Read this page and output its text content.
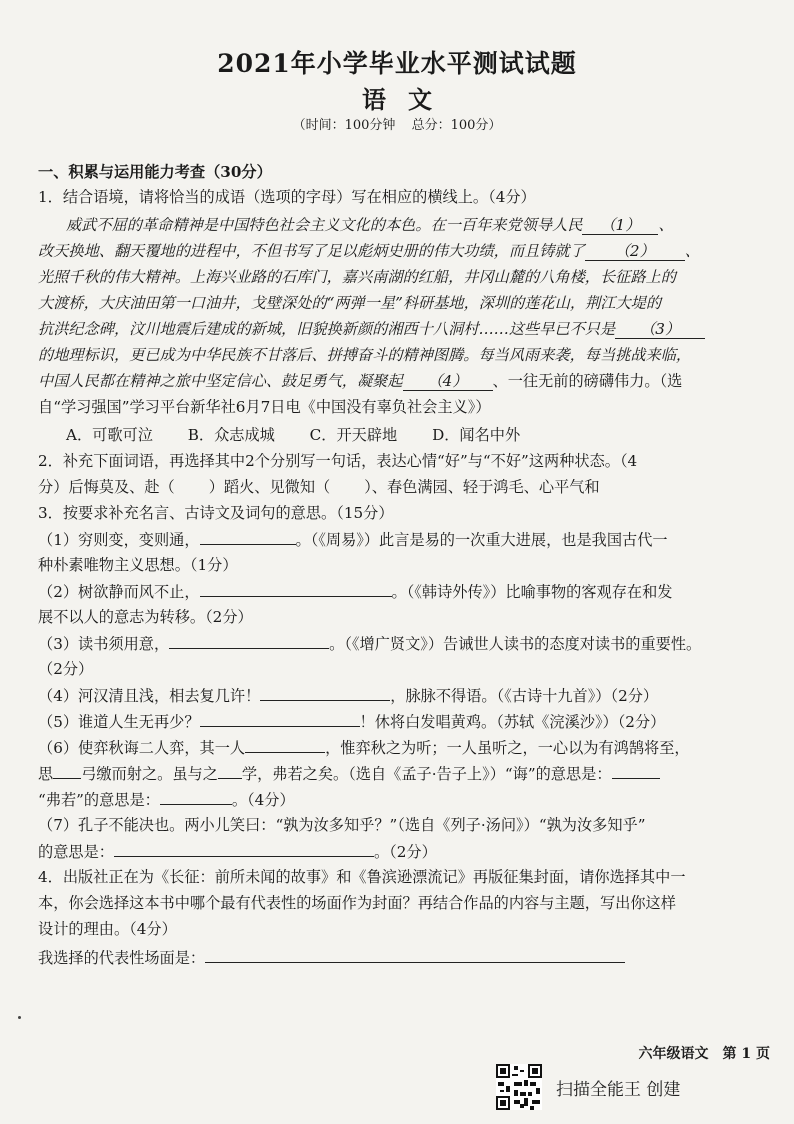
2021年小学毕业水平测试试题
语文
（时间：100分钟 总分：100分）
一、积累与运用能力考查（30分）
1．结合语境，请将恰当的成语（选项的字母）写在相应的横线上。（4分）
威武不屈的革命精神是中国特色社会主义文化的本色。在一百年来党领导人民 （1） 、
改天换地、翻天覆地的进程中，不但书写了足以彪炳史册的伟大功绩，而且铸就了 （2） 、
光照千秋的伟大精神。上海兴业路的石库门，嘉兴南湖的红船，井冈山麓的八角楼，长征路上的
大渡桥，大庆油田第一口油井，戈壁深处的“两弹一星”科研基地，深圳的莲花山，荆江大堤的
抗洪纪念碑，汶川地震后建成的新城，旧貌换新颜的湘西十八洞村……这些早已不只是 （3）
的地理标识，更已成为中华民族不甘落后、拼搏奋斗的精神图腾。每当风雨来袭，每当挑战来临，
中国人民都在精神之旅中坚定信心、鼓足勇气，凝聚起 （4） 、一往无前的磅礴伟力。（选
自“学习强国”学习平台新华社6月7日电《中国没有辜负社会主义》）
A．可歌可泣 B．众志成城 C．开天辟地 D．闻名中外
2．补充下面词语，再选择其中2个分别写一句话，表达心情“好”与“不好”这两种状态。（4
分）后悔莫及、赴（ ）蹈火、见微知（ ）、春色满园、轻于鸿毛、心平气和
3．按要求补充名言、古诗文及词句的意思。（15分）
（1）穷则变，变则通，	。（《周易》）此言是易的一次重大进展，也是我国古代一
种朴素唯物主义思想。（1分）
（2）树欲静而风不止，	。（《韩诗外传》）比喻事物的客观存在和发
展不以人的意志为转移。（2分）
（3）读书须用意，	。（《增广贤文》）告诫世人读书的态度对读书的重要性。
（2分）
（4）河汉清且浅，相去复几许！	，脉脉不得语。（《古诗十九首》）（2分）
（5）谁道人生无再少？	！休将白发唱黄鸡。（苏轼《浣溪沙》）（2分）
（6）使弈秋诲二人弈，其一人	，惟弈秋之为听；一人虽听之，一心以为有鸿鹄将至，
思 弓缴而射之。虽与之 学，弗若之矣。（选自《孟子·告子上》）“诲”的意思是：
“弗若”的意思是：	。（4分）
（7）孔子不能决也。两小儿笑曰：“孰为汝多知乎？”（选自《列子·汤问》）“孰为汝多知乎”
的意思是：	。（2分）
4．出版社正在为《长征：前所未闻的故事》和《鲁滨逊漂流记》再版征集封面，请你选择其中一
本，你会选择这本书中哪个最有代表性的场面作为封面？再结合作品的内容与主题，写出你这样
设计的理由。（4分）
我选择的代表性场面是：
六年级语文 第 1 页
扫描全能王 创建
